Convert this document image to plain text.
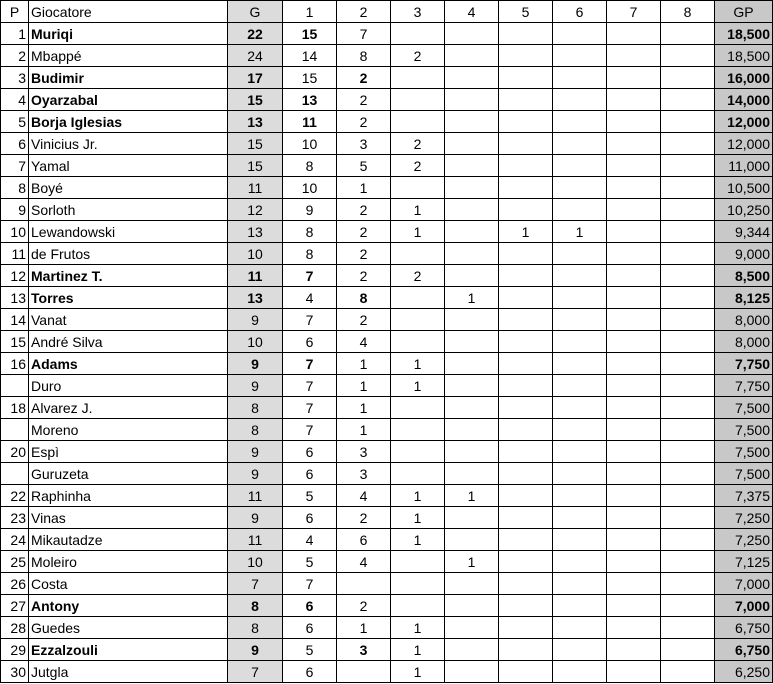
P	Giocatore	G	1	2	3	4	5	6	7	8	GP
1	Muriqi	22	15	7							18,500
2	Mbappé	24	14	8	2						18,500
3	Budimir	17	15	2							16,000
4	Oyarzabal	15	13	2							14,000
5	Borja Iglesias	13	11	2							12,000
6	Vinicius Jr.	15	10	3	2						12,000
7	Yamal	15	8	5	2						11,000
8	Boyé	11	10	1							10,500
9	Sorloth	12	9	2	1						10,250
10	Lewandowski	13	8	2	1		1	1			9,344
11	de Frutos	10	8	2							9,000
12	Martinez T.	11	7	2	2						8,500
13	Torres	13	4	8		1					8,125
14	Vanat	9	7	2							8,000
15	André Silva	10	6	4							8,000
16	Adams	9	7	1	1						7,750
	Duro	9	7	1	1						7,750
18	Alvarez J.	8	7	1							7,500
	Moreno	8	7	1							7,500
20	Espì	9	6	3							7,500
	Guruzeta	9	6	3							7,500
22	Raphinha	11	5	4	1	1					7,375
23	Vinas	9	6	2	1						7,250
24	Mikautadze	11	4	6	1						7,250
25	Moleiro	10	5	4		1					7,125
26	Costa	7	7								7,000
27	Antony	8	6	2							7,000
28	Guedes	8	6	1	1						6,750
29	Ezzalzouli	9	5	3	1						6,750
30	Jutgla	7	6		1						6,250
